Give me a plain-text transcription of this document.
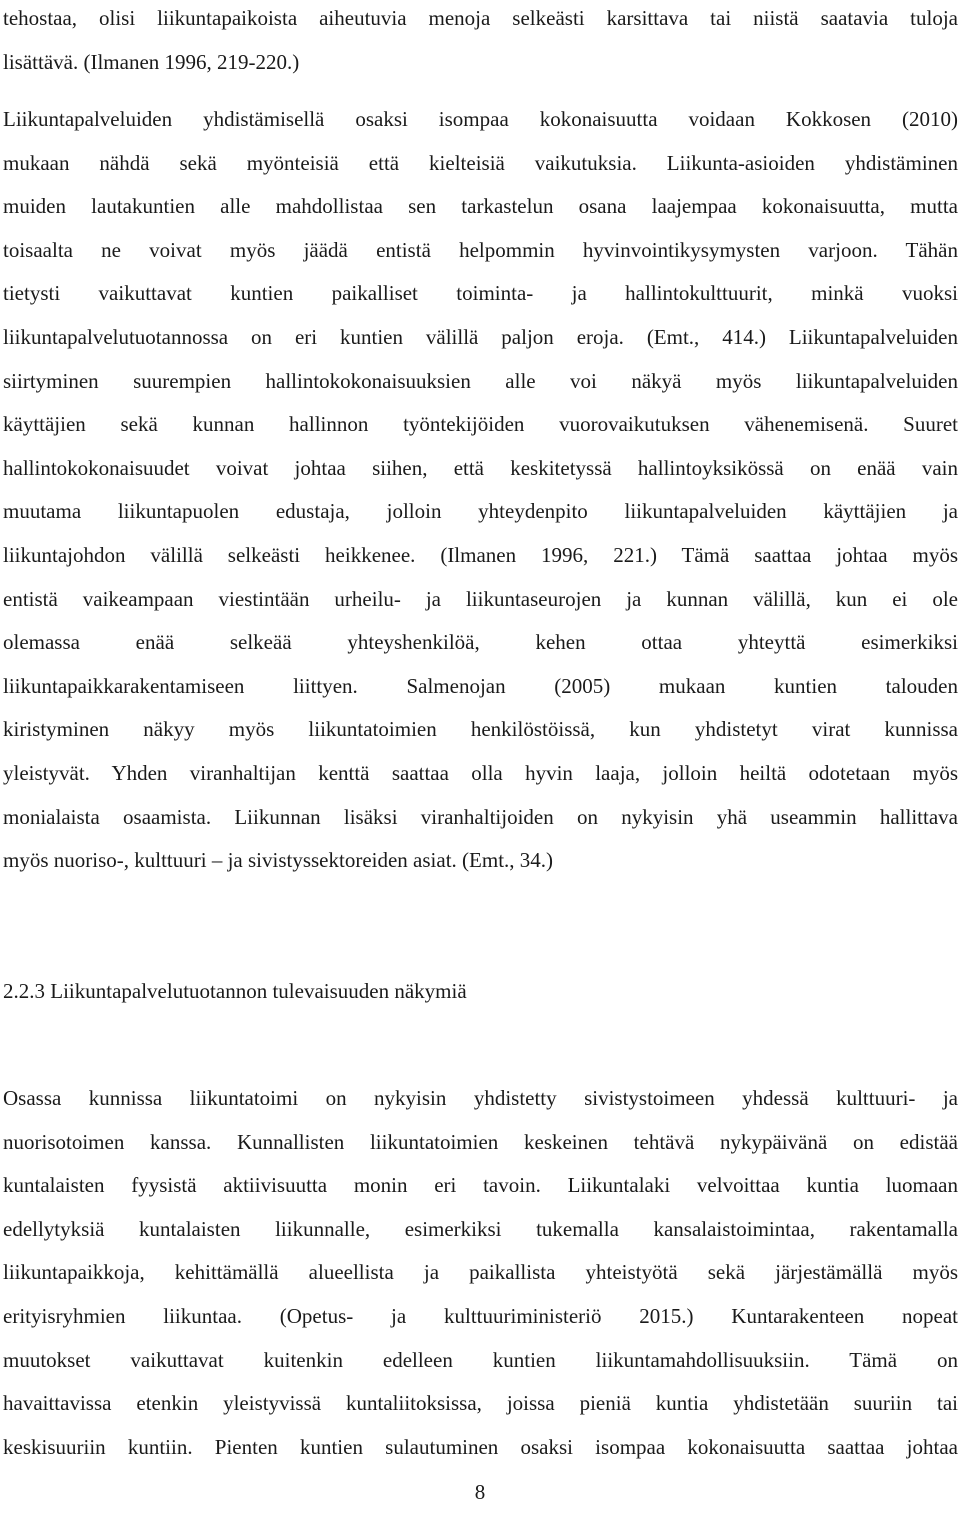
tehostaa, olisi liikuntapaikoista aiheutuvia menoja selkeästi karsittava tai niistä saatavia tuloja
lisättävä. (Ilmanen 1996, 219-220.)
Liikuntapalveluiden yhdistämisellä osaksi isompaa kokonaisuutta voidaan Kokkosen (2010)
mukaan nähdä sekä myönteisiä että kielteisiä vaikutuksia. Liikunta-asioiden yhdistäminen
muiden lautakuntien alle mahdollistaa sen tarkastelun osana laajempaa kokonaisuutta, mutta
toisaalta ne voivat myös jäädä entistä helpommin hyvinvointikysymysten varjoon. Tähän
tietysti vaikuttavat kuntien paikalliset toiminta- ja hallintokulttuurit, minkä vuoksi
liikuntapalvelutuotannossa on eri kuntien välillä paljon eroja. (Emt., 414.) Liikuntapalveluiden
siirtyminen suurempien hallintokokonaisuuksien alle voi näkyä myös liikuntapalveluiden
käyttäjien sekä kunnan hallinnon työntekijöiden vuorovaikutuksen vähenemisenä. Suuret
hallintokokonaisuudet voivat johtaa siihen, että keskitetyssä hallintoyksikössä on enää vain
muutama liikuntapuolen edustaja, jolloin yhteydenpito liikuntapalveluiden käyttäjien ja
liikuntajohdon välillä selkeästi heikkenee. (Ilmanen 1996, 221.) Tämä saattaa johtaa myös
entistä vaikeampaan viestintään urheilu- ja liikuntaseurojen ja kunnan välillä, kun ei ole
olemassa enää selkeää yhteyshenkilöä, kehen ottaa yhteyttä esimerkiksi
liikuntapaikkarakentamiseen liittyen. Salmenojan (2005) mukaan kuntien talouden
kiristyminen näkyy myös liikuntatoimien henkilöstöissä, kun yhdistetyt virat kunnissa
yleistyvät. Yhden viranhaltijan kenttä saattaa olla hyvin laaja, jolloin heiltä odotetaan myös
monialaista osaamista. Liikunnan lisäksi viranhaltijoiden on nykyisin yhä useammin hallittava
myös nuoriso-, kulttuuri – ja sivistyssektoreiden asiat. (Emt., 34.)
2.2.3 Liikuntapalvelutuotannon tulevaisuuden näkymiä
Osassa kunnissa liikuntatoimi on nykyisin yhdistetty sivistystoimeen yhdessä kulttuuri- ja
nuorisotoimen kanssa. Kunnallisten liikuntatoimien keskeinen tehtävä nykypäivänä on edistää
kuntalaisten fyysistä aktiivisuutta monin eri tavoin. Liikuntalaki velvoittaa kuntia luomaan
edellytyksiä kuntalaisten liikunnalle, esimerkiksi tukemalla kansalaistoimintaa, rakentamalla
liikuntapaikkoja, kehittämällä alueellista ja paikallista yhteistyötä sekä järjestämällä myös
erityisryhmien liikuntaa. (Opetus- ja kulttuuriministeriö 2015.) Kuntarakenteen nopeat
muutokset vaikuttavat kuitenkin edelleen kuntien liikuntamahdollisuuksiin. Tämä on
havaittavissa etenkin yleistyvissä kuntaliitoksissa, joissa pieniä kuntia yhdistetään suuriin tai
keskisuuriin kuntiin. Pienten kuntien sulautuminen osaksi isompaa kokonaisuutta saattaa johtaa
8
